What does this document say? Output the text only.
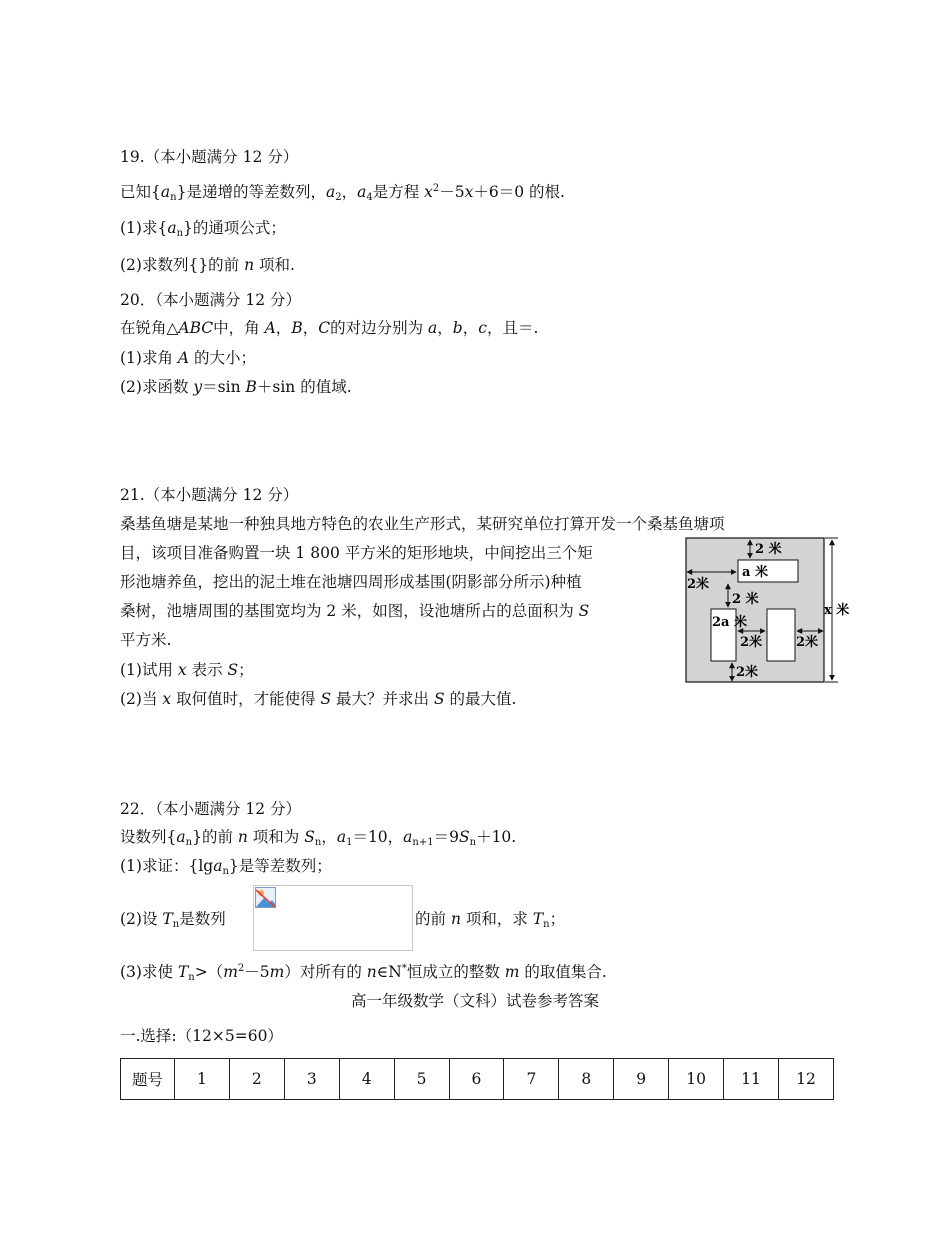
19.（本小题满分 12 分）
已知$\{a_n\}$是递增的等差数列，$a_2$，$a_4$是方程 $x^2-5x+6=0$ 的根.
(1)求$\{a_n\}$的通项公式；
(2)求数列{}的前 n 项和.
20．（本小题满分 12 分）
在锐角△ABC中，角 A，B，C的对边分别为 a，b，c，且＝.
(1)求角 A 的大小；
(2)求函数 y＝sin B＋sin 的值域.
21.（本小题满分 12 分）
桑基鱼塘是某地一种独具地方特色的农业生产形式，某研究单位打算开发一个桑基鱼塘项
目，该项目准备购置一块 1 800 平方米的矩形地块，中间挖出三个矩
形池塘养鱼，挖出的泥土堆在池塘四周形成基围(阴影部分所示)种植
桑树，池塘周围的基围宽均为 2 米，如图，设池塘所占的总面积为 S
平方米.
(1)试用 x 表示 S；
(2)当 x 取何值时，才能使得 S 最大？并求出 S 的最大值.
2 米
a 米
2米
2 米
2a 米
2米	2米
2米
x 米
22．（本小题满分 12 分）
设数列$\{a_n\}$的前 n 项和为 $S_n$，$a_1=10$，$a_{n+1}=9S_n+10$.
(1)求证：{lga$_n$}是等差数列；
(2)设 $T_n$是数列	的前 n 项和，求 $T_n$；
(3)求使 $T_n>(m^2-5m)$对所有的 n∈N*恒成立的整数 m 的取值集合.
高一年级数学（文科）试卷参考答案
一.选择:（12×5=60）
题号	1	2	3	4	5	6	7	8	9	10	11	12
